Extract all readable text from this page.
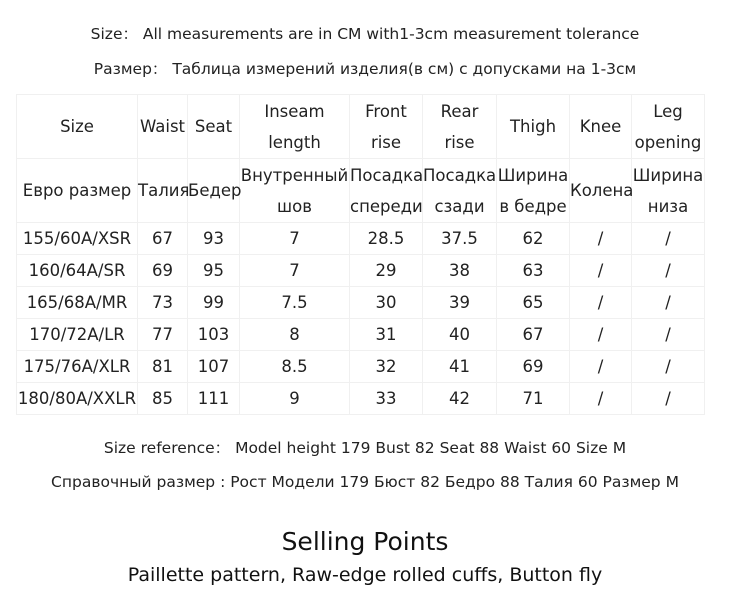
Size： All measurements are in CM with1-3cm measurement tolerance
Размер： Таблица измерений изделия(в см) с допусками на 1-3см
Size	Waist	Seat	Inseam length	Front rise	Rear rise	Thigh	Knee	Leg opening
Евро размер	Талия	Бедер	Внутренный шов	Посадка спереди	Посадка сзади	Ширина в бедре	Колена	Ширина низа
155/60A/XSR	67	93	7	28.5	37.5	62	/	/
160/64A/SR	69	95	7	29	38	63	/	/
165/68A/MR	73	99	7.5	30	39	65	/	/
170/72A/LR	77	103	8	31	40	67	/	/
175/76A/XLR	81	107	8.5	32	41	69	/	/
180/80A/XXLR	85	111	9	33	42	71	/	/
Size reference： Model height 179 Bust 82 Seat 88 Waist 60 Size M
Справочный размер : Рост Модели 179 Бюст 82 Бедро 88 Талия 60 Размер M
Selling Points
Paillette pattern, Raw-edge rolled cuffs, Button fly
